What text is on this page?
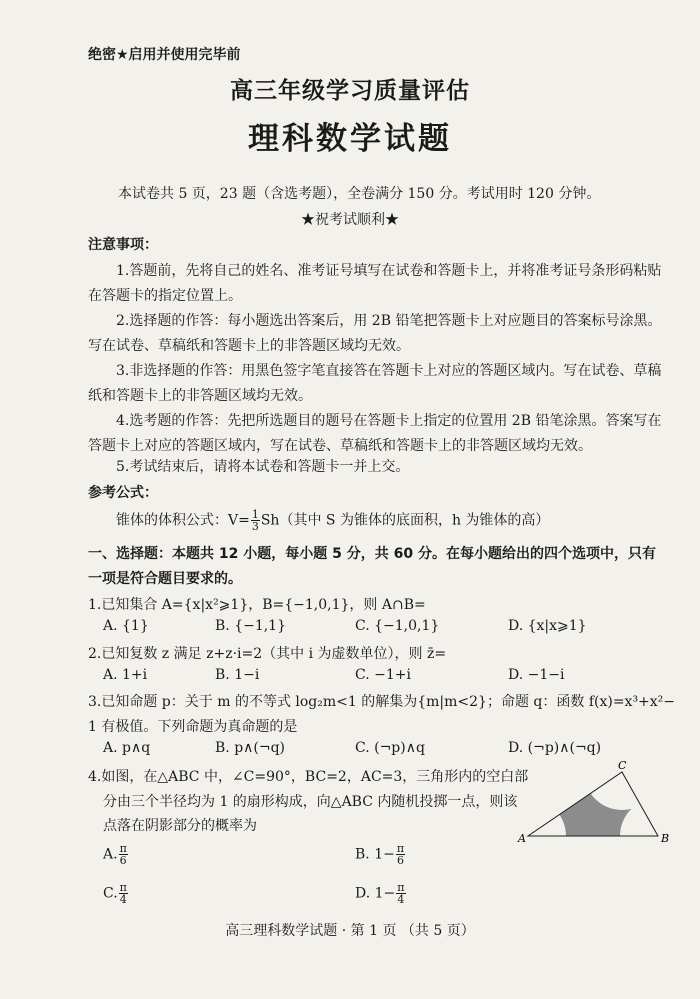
绝密★启用并使用完毕前
高三年级学习质量评估
理科数学试题
本试卷共 5 页，23 题（含选考题），全卷满分 150 分。考试用时 120 分钟。
★祝考试顺利★
注意事项：
1.答题前，先将自己的姓名、准考证号填写在试卷和答题卡上，并将准考证号条形码粘贴在答题卡的指定位置上。
2.选择题的作答：每小题选出答案后，用 2B 铅笔把答题卡上对应题目的答案标号涂黑。写在试卷、草稿纸和答题卡上的非答题区域均无效。
3.非选择题的作答：用黑色签字笔直接答在答题卡上对应的答题区域内。写在试卷、草稿纸和答题卡上的非答题区域均无效。
4.选考题的作答：先把所选题目的题号在答题卡上指定的位置用 2B 铅笔涂黑。答案写在答题卡上对应的答题区域内，写在试卷、草稿纸和答题卡上的非答题区域均无效。
5.考试结束后，请将本试卷和答题卡一并上交。
参考公式：
锥体的体积公式：$V= \frac{1}{3} Sh$（其中 S 为锥体的底面积，h 为锥体的高）
一、选择题：本题共 12 小题，每小题 5 分，共 60 分。在每小题给出的四个选项中，只有一项是符合题目要求的。
1.已知集合 A={x|x²⩾1}，B={−1,0,1}，则 A∩B=
A. {1}	B. {−1,1}	C. {−1,0,1}	D. {x|x⩾1}
2.已知复数 z 满足 z+z·i=2（其中 i 为虚数单位），则 z̄=
A. 1+i	B. 1−i	C. −1+i	D. −1−i
3.已知命题 p：关于 m 的不等式 log₂m<1 的解集为{m|m<2}；命题 q：函数 f(x)=x³+x²−
1 有极值。下列命题为真命题的是
A. p∧q	B. p∧(¬q)	C. (¬p)∧q	D. (¬p)∧(¬q)
4.如图，在△ABC 中，∠C=90°，BC=2，AC=3，三角形内的空白部
分由三个半径均为 1 的扇形构成，向△ABC 内随机投掷一点，则该
点落在阴影部分的概率为
A. $\frac{\pi}{6}$	B. $1- \frac{\pi}{6}$
C. $\frac{\pi}{4}$	D. $1- \frac{\pi}{4}$
A	B
C
高三理科数学试题 · 第 1 页 （共 5 页）
